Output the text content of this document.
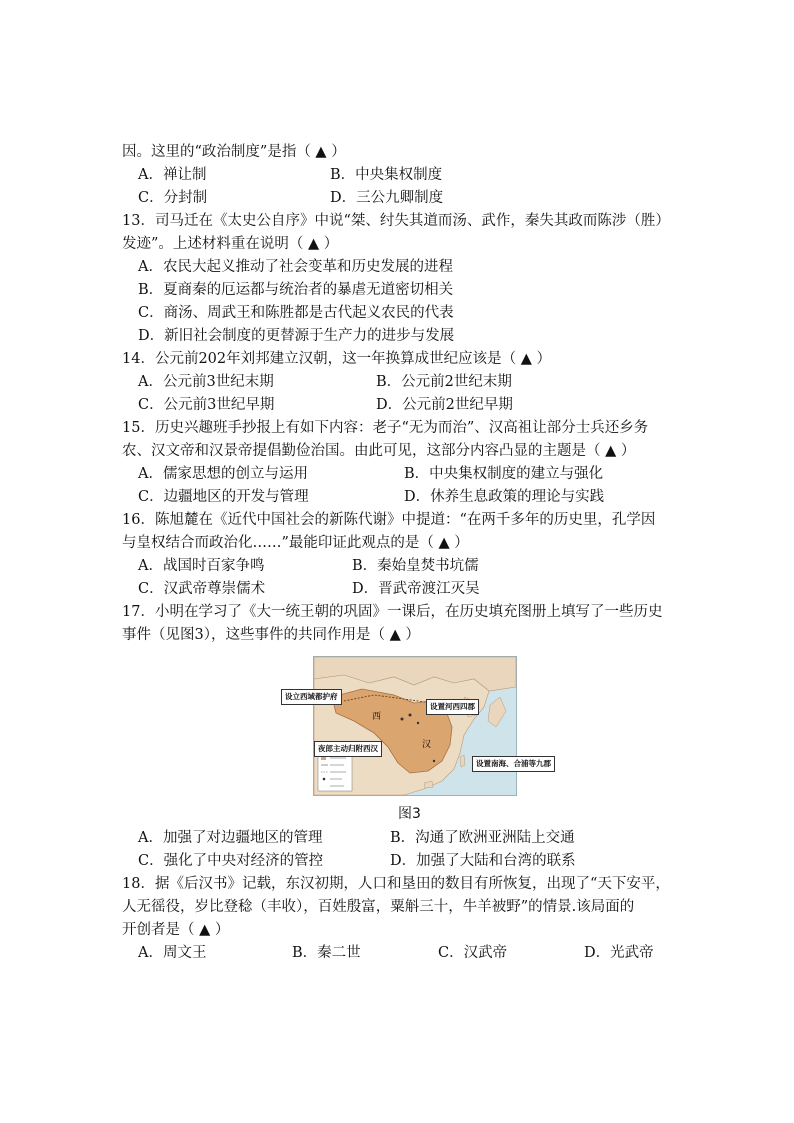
因。这里的“政治制度”是指（ ▲ ）
A．禅让制	B．中央集权制度
C．分封制	D．三公九卿制度
13．司马迁在《太史公自序》中说“桀、纣失其道而汤、武作，秦失其政而陈涉（胜）
发迹”。上述材料重在说明（ ▲ ）
A．农民大起义推动了社会变革和历史发展的进程
B．夏商秦的厄运都与统治者的暴虐无道密切相关
C．商汤、周武王和陈胜都是古代起义农民的代表
D．新旧社会制度的更替源于生产力的进步与发展
14．公元前202年刘邦建立汉朝，这一年换算成世纪应该是（ ▲ ）
A．公元前3世纪末期	B．公元前2世纪末期
C．公元前3世纪早期	D．公元前2世纪早期
15．历史兴趣班手抄报上有如下内容：老子“无为而治”、汉高祖让部分士兵还乡务
农、汉文帝和汉景帝提倡勤俭治国。由此可见，这部分内容凸显的主题是（ ▲ ）
A．儒家思想的创立与运用	B．中央集权制度的建立与强化
C．边疆地区的开发与管理	D．休养生息政策的理论与实践
16．陈旭麓在《近代中国社会的新陈代谢》中提道：“在两千多年的历史里，孔学因
与皇权结合而政治化……”最能印证此观点的是（ ▲ ）
A．战国时百家争鸣	B．秦始皇焚书坑儒
C．汉武帝尊崇儒术	D．晋武帝渡江灭吴
17．小明在学习了《大一统王朝的巩固》一课后，在历史填充图册上填写了一些历史
事件（见图3），这些事件的共同作用是（ ▲ ）
设立西域都护府
设置河西四郡
夜郎主动归附西汉
设置南海、合浦等九郡
西
汉
图3
A．加强了对边疆地区的管理	B．沟通了欧洲亚洲陆上交通
C．强化了中央对经济的管控	D．加强了大陆和台湾的联系
18．据《后汉书》记载，东汉初期，人口和垦田的数目有所恢复，出现了“天下安平，
人无徭役，岁比登稔（丰收），百姓殷富，粟斛三十，牛羊被野”的情景.该局面的
开创者是（ ▲ ）
A．周文王	B．秦二世	C．汉武帝	D．光武帝
